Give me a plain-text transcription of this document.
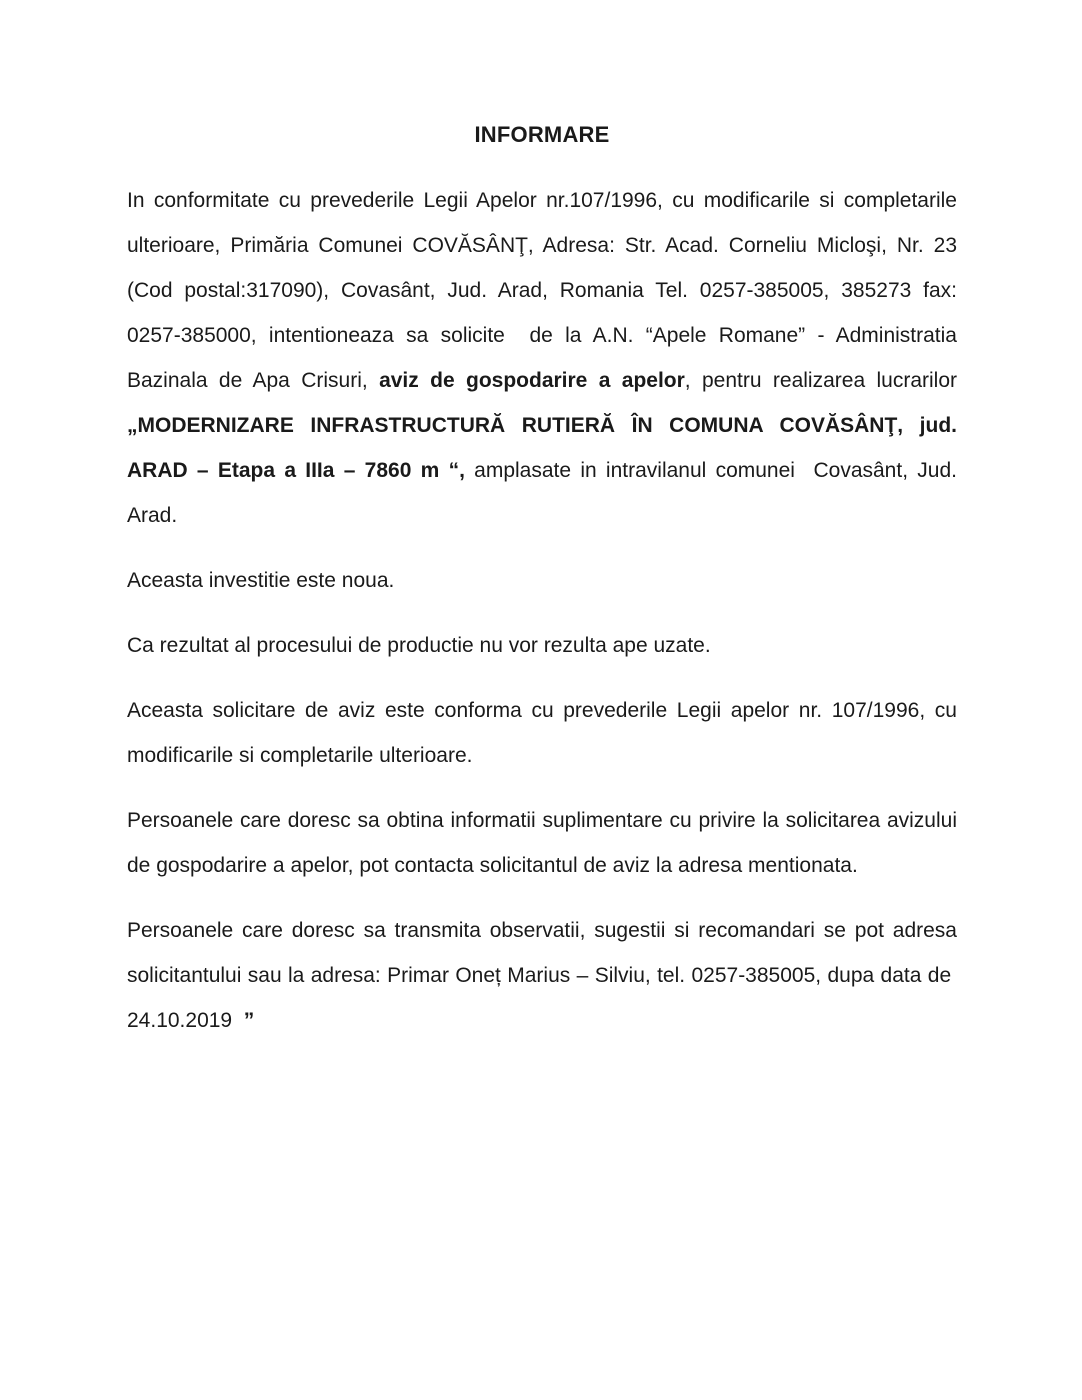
INFORMARE

In conformitate cu prevederile Legii Apelor nr.107/1996, cu modificarile si completarile ulterioare, Primăria Comunei COVĂSÂNŢ, Adresa: Str. Acad. Corneliu Micloşi, Nr. 23 (Cod postal:317090), Covasânt, Jud. Arad, Romania Tel. 0257-385005, 385273 fax: 0257-385000, intentioneaza sa solicite  de la A.N. “Apele Romane” - Administratia Bazinala de Apa Crisuri, aviz de gospodarire a apelor, pentru realizarea lucrarilor „MODERNIZARE INFRASTRUCTURĂ RUTIERĂ ÎN COMUNA COVĂSÂNŢ, jud. ARAD – Etapa a IIIa – 7860 m “, amplasate in intravilanul comunei  Covasânt, Jud. Arad.

Aceasta investitie este noua.

Ca rezultat al procesului de productie nu vor rezulta ape uzate.

Aceasta solicitare de aviz este conforma cu prevederile Legii apelor nr. 107/1996, cu modificarile si completarile ulterioare.

Persoanele care doresc sa obtina informatii suplimentare cu privire la solicitarea avizului de gospodarire a apelor, pot contacta solicitantul de aviz la adresa mentionata.

Persoanele care doresc sa transmita observatii, sugestii si recomandari se pot adresa solicitantului sau la adresa: Primar Oneț Marius – Silviu, tel. 0257-385005, dupa data de  24.10.2019  ”
